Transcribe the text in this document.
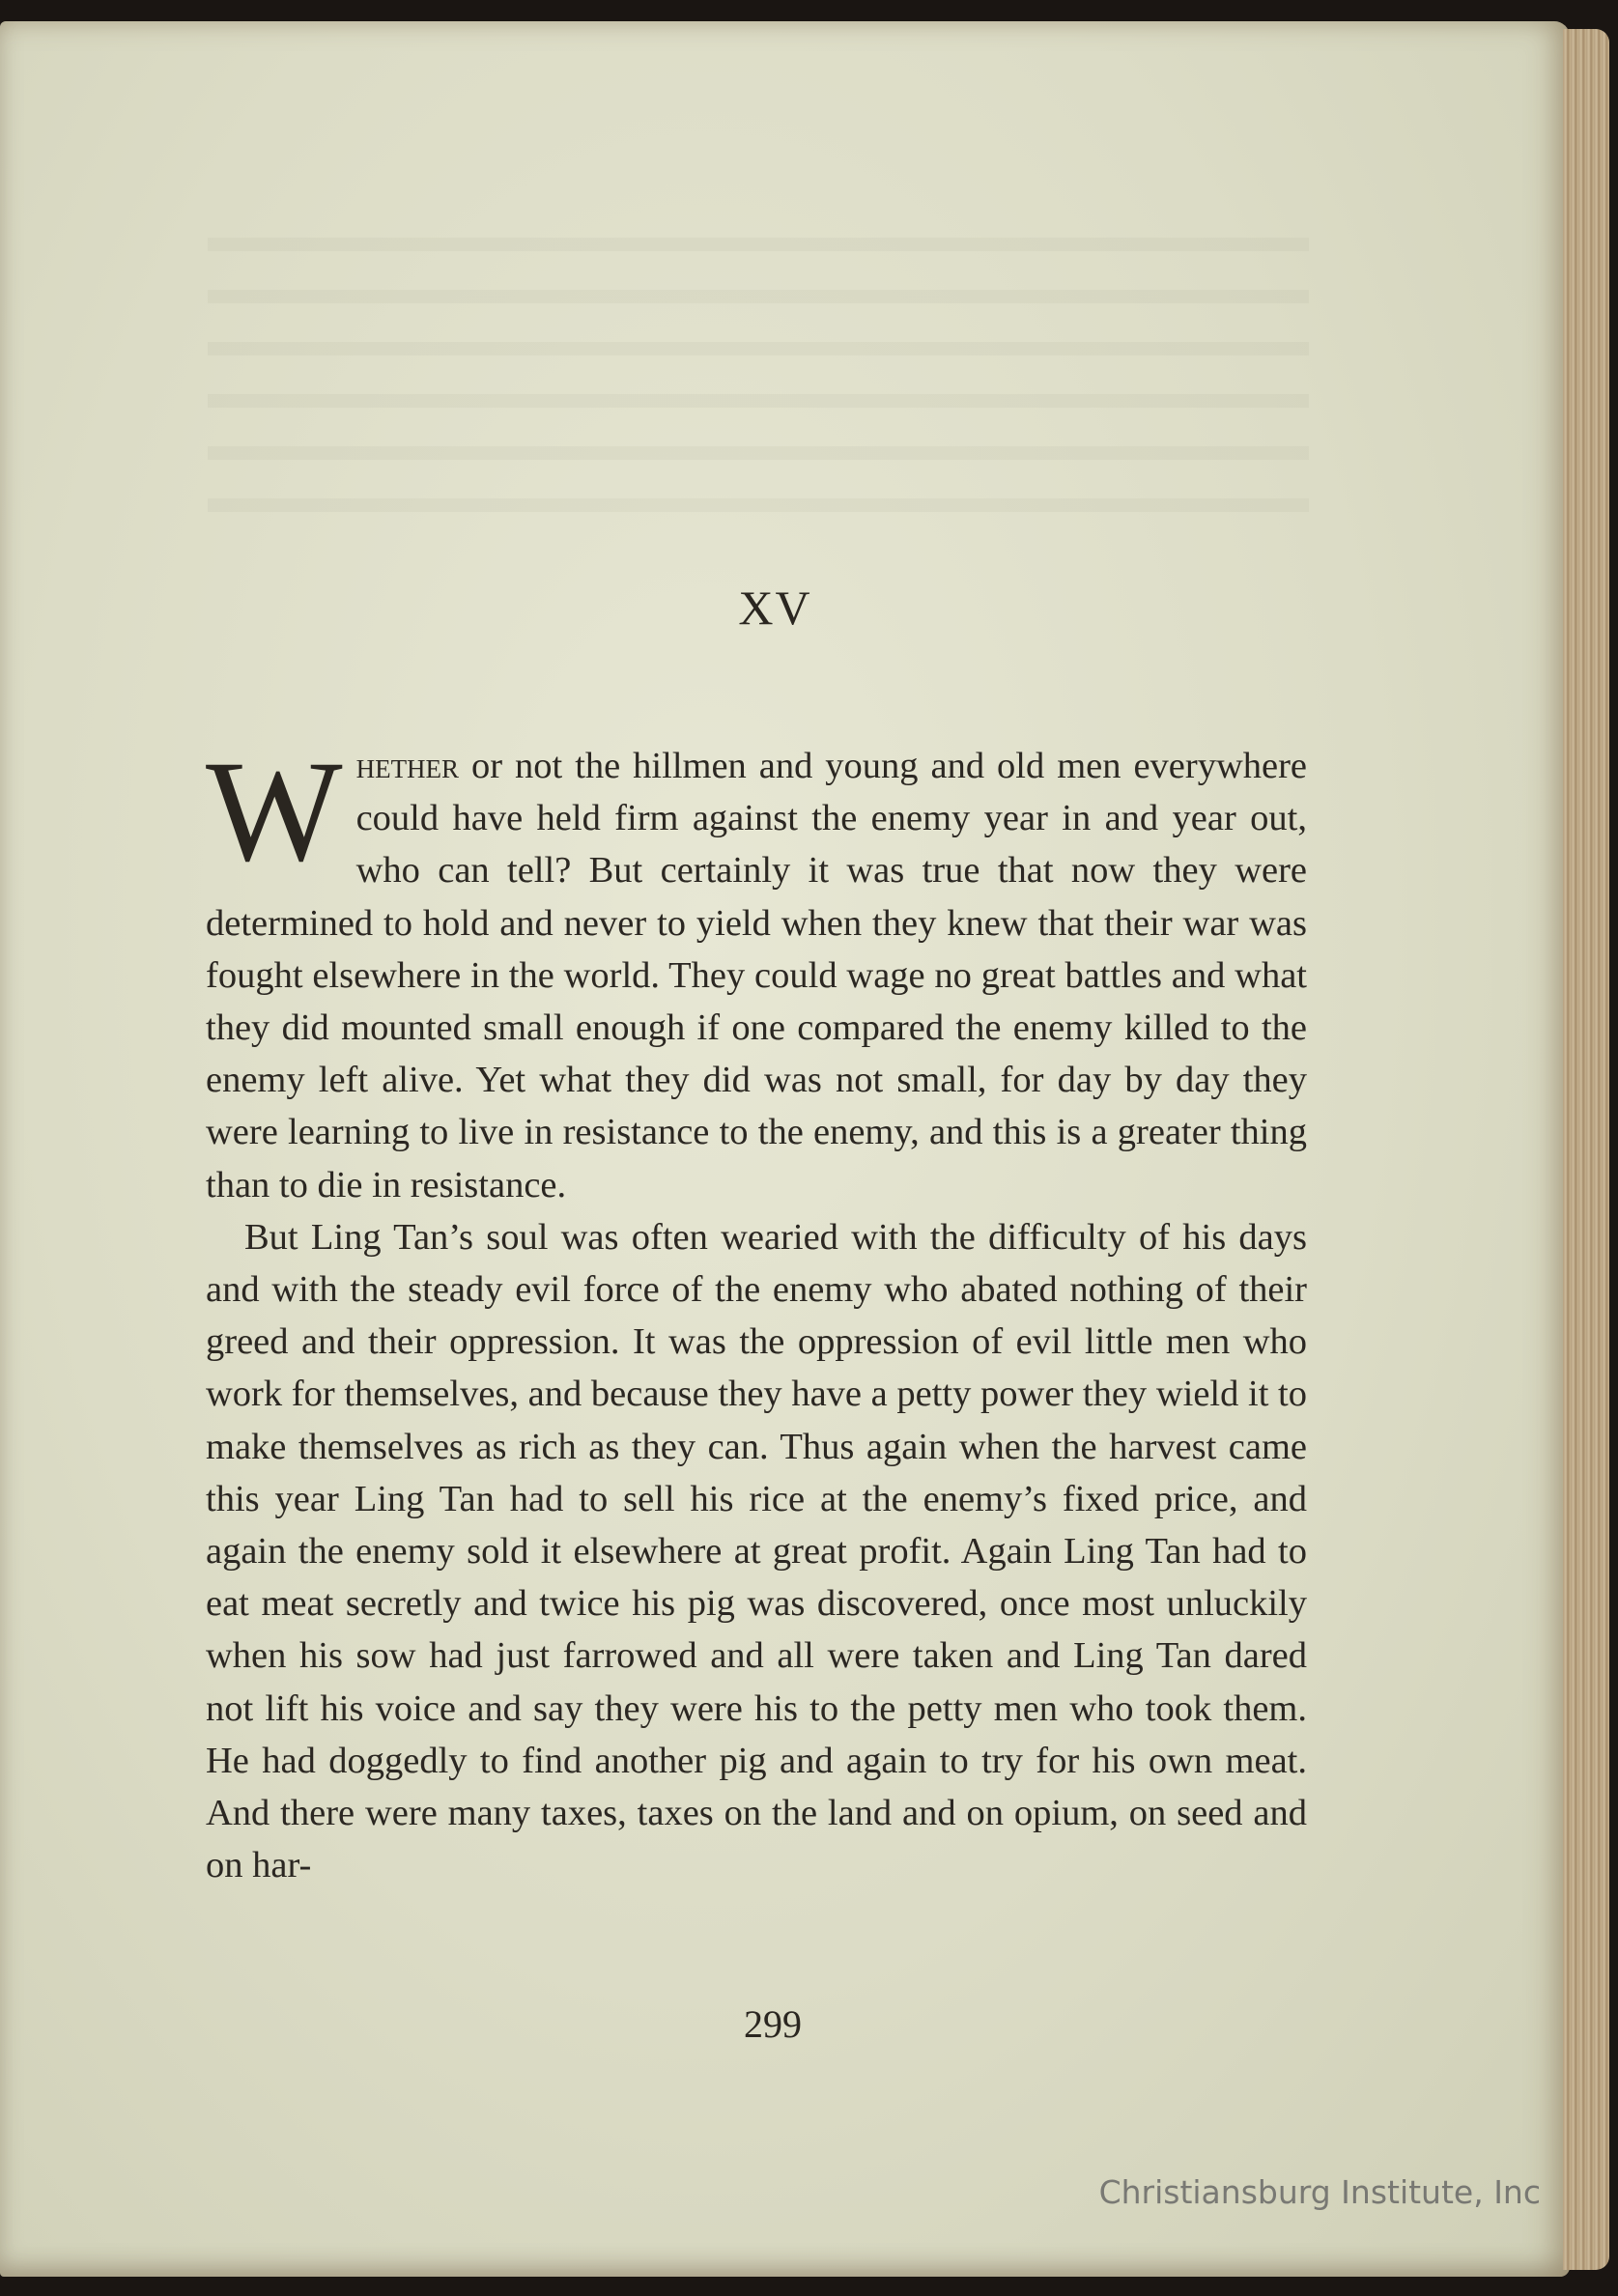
XV

Whether or not the hillmen and young and old men everywhere could have held firm against the enemy year in and year out, who can tell? But certainly it was true that now they were determined to hold and never to yield when they knew that their war was fought elsewhere in the world. They could wage no great battles and what they did mounted small enough if one compared the enemy killed to the enemy left alive. Yet what they did was not small, for day by day they were learning to live in resistance to the enemy, and this is a greater thing than to die in resistance.

But Ling Tan’s soul was often wearied with the difficulty of his days and with the steady evil force of the enemy who abated nothing of their greed and their oppression. It was the oppression of evil little men who work for themselves, and because they have a petty power they wield it to make themselves as rich as they can. Thus again when the harvest came this year Ling Tan had to sell his rice at the enemy’s fixed price, and again the enemy sold it elsewhere at great profit. Again Ling Tan had to eat meat secretly and twice his pig was discovered, once most unluckily when his sow had just farrowed and all were taken and Ling Tan dared not lift his voice and say they were his to the petty men who took them. He had doggedly to find another pig and again to try for his own meat. And there were many taxes, taxes on the land and on opium, on seed and on har-

299
Christiansburg Institute, Inc
